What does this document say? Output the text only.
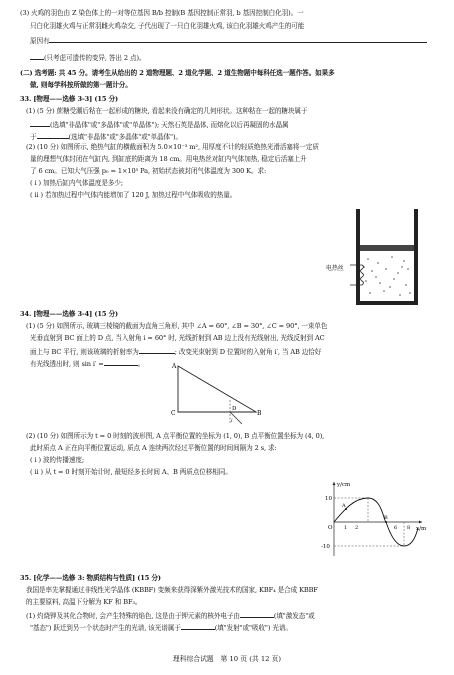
(3) 火鸡的羽色由 Z 染色体上的一对等位基因 B/b 控制(B 基因控制正常羽, b 基因控制白化羽)。一
只白化羽雄火鸡与正常羽雌火鸡杂交, 子代出现了一只白化羽雄火鸡, 该白化羽雄火鸡产生的可能
原因有
(只考虑可遗传的变异, 答出 2 点)。
(二) 选考题: 共 45 分。请考生从给出的 2 道物理题、2 道化学题、2 道生物题中每科任选一题作答。如果多
做, 则每学科按所做的第一题计分。
33. [物理——选修 3-3] (15 分)
(1) (5 分) 蔗糖受潮后粘在一起形成的糖块, 看起来没有确定的几何形状。这种粘在一起的糖块属于
(选填"非晶体"或"多晶体"或"单晶体"); 天然石英是晶体, 而熔化以后再凝固的水晶属
于	(选填"非晶体"或"多晶体"或"单晶体")。
(2) (10 分) 如图所示, 绝热气缸的横截面积为 5.0×10⁻³ m², 用厚度不计的轻质绝热光滑活塞将一定质
量的理想气体封闭在气缸内, 到缸底的距离为 18 cm。用电热丝对缸内气体加热, 稳定后活塞上升
了 6 cm。已知大气压强 p₀ = 1×10⁵ Pa, 初始状态被封闭气体温度为 300 K。求:
( i ) 加热后缸内气体温度是多少;
( ii ) 若加热过程中气体内能增加了 120 J, 加热过程中气体吸收的热量。
电热丝
34. [物理——选修 3-4] (15 分)
(1) (5 分) 如图所示, 玻璃三棱镜的截面为直角三角形, 其中 ∠A = 60°, ∠B = 30°, ∠C = 90°, 一束单色
光垂直射到 BC 面上的 D 点, 当入射角 i = 60° 时, 光线折射到 AB 边上没有光线射出, 光线反射到 AC
面上与 BC 平行, 则该玻璃的折射率为	; 改变光束射到 D 位置时的入射角 i′, 当 AB 边恰好
有光线透出时, 则 sin i′ =	。	A
C	B
D
i
(2) (10 分) 如图所示为 t = 0 时刻的波形图, A 点平衡位置的坐标为 (1, 0), B 点平衡位置坐标为 (4, 0),
此时质点 A 正在向平衡位置运动, 质点 A 连续两次经过平衡位置的时间间隔为 2 s, 求:
( i ) 波的传播速度;
( ii ) 从 t = 0 时刻开始计时, 最短经多长时间 A、B 两质点位移相同。
y/cm
x/m
10
-10
O 1 2	6 8
A
B
35. [化学——选修 3: 物质结构与性质] (15 分)
我国是率先掌握通过非线性光学晶体 (KBBF) 变频来获得深紫外激光技术的国家, KBF₄ 是合成 KBBF
的主要原料, 高温下分解为 KF 和 BF₃。
(1) 灼烧钾及其化合物时, 会产生特殊的焰色, 这是由于钾元素的核外电子由	(填"激发态"或
"基态") 跃迁到另一个状态时产生的光谱, 该光谱属于	(填"发射"或"吸收") 光谱。
理科综合试题　第 10 页 (共 12 页)
